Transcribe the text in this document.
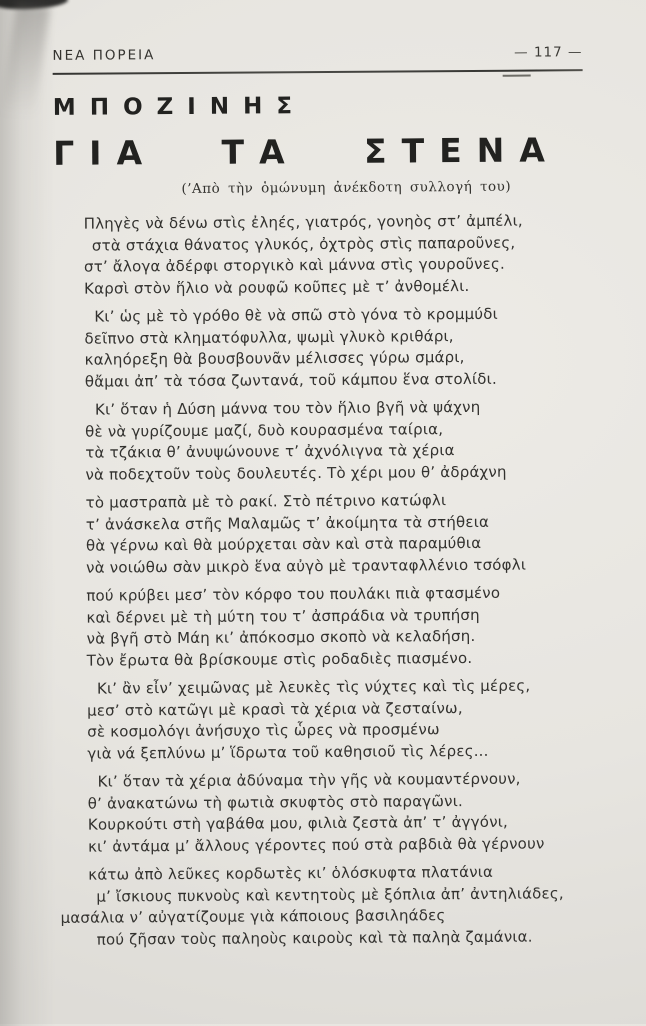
ΝΕΑ ΠΟΡΕΙΑ	— 117 —
ΜΠΟΖΙΝΗΣ
ΓΙΑ ΤΑ ΣΤΕΝΑ
(’Απὸ τὴν ὁμώνυμη ἀνέκδοτη συλλογή του)
Πληγὲς νὰ δένω στὶς ἐληές, γιατρός, γονηὸς στ’ ἀμπέλι,
στὰ στάχια θάνατος γλυκός, ὀχτρὸς στὶς παπαροῦνες,
στ’ ἄλογα ἀδέρφι στοργικὸ καὶ μάννα στὶς γουροῦνες.
Καρσὶ στὸν ἥλιο νὰ ρουφῶ κοῦπες μὲ τ’ ἀνθομέλι.
Κι’ ὡς μὲ τὸ γρόθο θὲ νὰ σπῶ στὸ γόνα τὸ κρομμύδι
δεῖπνο στὰ κληματόφυλλα, ψωμὶ γλυκὸ κριθάρι,
καληόρεξη θὰ βουσβουνᾶν μέλισσες γύρω σμάρι,
θἄμαι ἀπ’ τὰ τόσα ζωντανά, τοῦ κάμπου ἕνα στολίδι.
Κι’ ὅταν ἡ Δύση μάννα του τὸν ἥλιο βγῆ νὰ ψάχνη
θὲ νὰ γυρίζουμε μαζί, δυὸ κουρασμένα ταίρια,
τὰ τζάκια θ’ ἀνυψώνουνε τ’ ἀχνόλιγνα τὰ χέρια
νὰ ποδεχτοῦν τοὺς δουλευτές. Τὸ χέρι μου θ’ ἀδράχνη
τὸ μαστραπὰ μὲ τὸ ρακί. Στὸ πέτρινο κατώφλι
τ’ ἀνάσκελα στῆς Μαλαμῶς τ’ ἀκοίμητα τὰ στήθεια
θὰ γέρνω καὶ θὰ μούρχεται σὰν καὶ στὰ παραμύθια
νὰ νοιώθω σὰν μικρὸ ἕνα αὐγὸ μὲ τρανταφλλένιο τσόφλι
πού κρύβει μεσ’ τὸν κόρφο του πουλάκι πιὰ φτασμένο
καὶ δέρνει μὲ τὴ μύτη του τ’ ἀσπράδια νὰ τρυπήση
νὰ βγῆ στὸ Μάη κι’ ἀπόκοσμο σκοπὸ νὰ κελαδήση.
Τὸν ἔρωτα θὰ βρίσκουμε στὶς ροδαδιὲς πιασμένο.
Κι’ ἂν εἶν’ χειμῶνας μὲ λευκὲς τὶς νύχτες καὶ τὶς μέρες,
μεσ’ στὸ κατῶγι μὲ κρασὶ τὰ χέρια νὰ ζεσταίνω,
σὲ κοσμολόγι ἀνήσυχο τὶς ὧρες νὰ προσμένω
γιὰ νά ξεπλύνω μ’ ἵδρωτα τοῦ καθησιοῦ τὶς λέρες...
Κι’ ὅταν τὰ χέρια ἀδύναμα τὴν γῆς νὰ κουμαντέρνουν,
θ’ ἀνακατώνω τὴ φωτιὰ σκυφτὸς στὸ παραγῶνι.
Κουρκούτι στὴ γαβάθα μου, φιλιὰ ζεστὰ ἀπ’ τ’ ἀγγόνι,
κι’ ἀντάμα μ’ ἄλλους γέροντες πού στὰ ραβδιὰ θὰ γέρνουν
κάτω ἀπὸ λεῦκες κορδωτὲς κι’ ὁλόσκυφτα πλατάνια
μ’ ἴσκιους πυκνοὺς καὶ κεντητοὺς μὲ ξόπλια ἀπ’ ἀντηλιάδες,
μασάλια ν’ αὐγατίζουμε γιὰ κάποιους βασιληάδες
πού ζῆσαν τοὺς παληοὺς καιροὺς καὶ τὰ παληὰ ζαμάνια.
